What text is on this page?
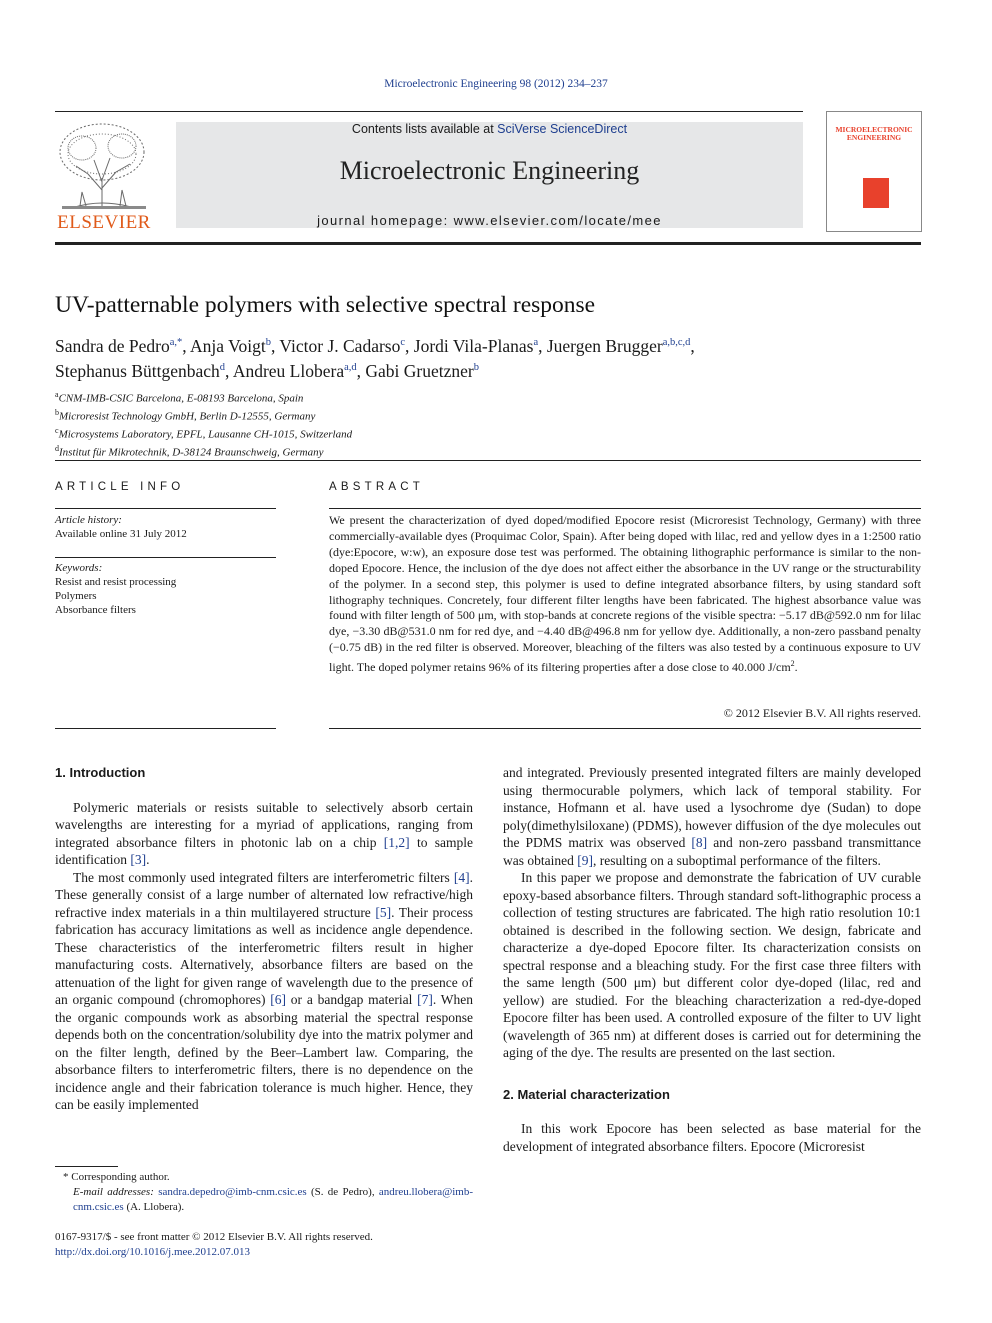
Microelectronic Engineering 98 (2012) 234–237
ELSEVIER
Contents lists available at SciVerse ScienceDirect
Microelectronic Engineering
journal homepage: www.elsevier.com/locate/mee
MICROELECTRONIC ENGINEERING
UV-patternable polymers with selective spectral response
Sandra de Pedro$^{a,*}$, Anja Voigt$^b$, Victor J. Cadarso$^c$, Jordi Vila-Planas$^a$, Juergen Brugger$^{a,b,c,d}$,
Stephanus Büttgenbach$^d$, Andreu Llobera$^{a,d}$, Gabi Gruetzner$^b$
$^a$CNM-IMB-CSIC Barcelona, E-08193 Barcelona, Spain
$^b$Microresist Technology GmbH, Berlin D-12555, Germany
$^c$Microsystems Laboratory, EPFL, Lausanne CH-1015, Switzerland
$^d$Institut für Mikrotechnik, D-38124 Braunschweig, Germany
ARTICLE INFO	ABSTRACT
Article history:
Available online 31 July 2012
Keywords:
Resist and resist processing
Polymers
Absorbance filters
We present the characterization of dyed doped/modified Epocore resist (Microresist Technology, Germany) with three commercially-available dyes (Proquimac Color, Spain). After being doped with lilac, red and yellow dyes in a 1:2500 ratio (dye:Epocore, w:w), an exposure dose test was performed. The obtaining lithographic performance is similar to the non-doped Epocore. Hence, the inclusion of the dye does not affect either the absorbance in the UV range or the structurability of the polymer. In a second step, this polymer is used to define integrated absorbance filters, by using standard soft lithography techniques. Concretely, four different filter lengths have been fabricated. The highest absorbance value was found with filter length of 500 μm, with stop-bands at concrete regions of the visible spectra: −5.17 dB@592.0 nm for lilac dye, −3.30 dB@531.0 nm for red dye, and −4.40 dB@496.8 nm for yellow dye. Additionally, a non-zero passband penalty (−0.75 dB) in the red filter is observed. Moreover, bleaching of the filters was also tested by a continuous exposure to UV light. The doped polymer retains 96% of its filtering properties after a dose close to 40.000 $J/cm^2$.
© 2012 Elsevier B.V. All rights reserved.
1. Introduction

Polymeric materials or resists suitable to selectively absorb certain wavelengths are interesting for a myriad of applications, ranging from integrated absorbance filters in photonic lab on a chip [1,2] to sample identification [3].

The most commonly used integrated filters are interferometric filters [4]. These generally consist of a large number of alternated low refractive/high refractive index materials in a thin multilayered structure [5]. Their process fabrication has accuracy limitations as well as incidence angle dependence. These characteristics of the interferometric filters result in higher manufacturing costs. Alternatively, absorbance filters are based on the attenuation of the light for given range of wavelength due to the presence of an organic compound (chromophores) [6] or a bandgap material [7]. When the organic compounds work as absorbing material the spectral response depends both on the concentration/solubility dye into the matrix polymer and on the filter length, defined by the Beer–Lambert law. Comparing, the absorbance filters to interferometric filters, there is no dependence on the incidence angle and their fabrication tolerance is much higher. Hence, they can be easily implemented

and integrated. Previously presented integrated filters are mainly developed using thermocurable polymers, which lack of temporal stability. For instance, Hofmann et al. have used a lysochrome dye (Sudan) to dope poly(dimethylsiloxane) (PDMS), however diffusion of the dye molecules out the PDMS matrix was observed [8] and non-zero passband transmittance was obtained [9], resulting on a suboptimal performance of the filters.

In this paper we propose and demonstrate the fabrication of UV curable epoxy-based absorbance filters. Through standard soft-lithographic process a collection of testing structures are fabricated. The high ratio resolution 10:1 obtained is described in the following section. We design, fabricate and characterize a dye-doped Epocore filter. Its characterization consists on spectral response and a bleaching study. For the first case three filters with the same length (500 μm) but different color dye-doped (lilac, red and yellow) are studied. For the bleaching characterization a red-dye-doped Epocore filter has been used. A controlled exposure of the filter to UV light (wavelength of 365 nm) at different doses is carried out for determining the aging of the dye. The results are presented on the last section.

2. Material characterization

In this work Epocore has been selected as base material for the development of integrated absorbance filters. Epocore (Microresist

* Corresponding author.
E-mail addresses: sandra.depedro@imb-cnm.csic.es (S. de Pedro), andreu.llobera@imb-cnm.csic.es (A. Llobera).
0167-9317/$ - see front matter © 2012 Elsevier B.V. All rights reserved.
http://dx.doi.org/10.1016/j.mee.2012.07.013
